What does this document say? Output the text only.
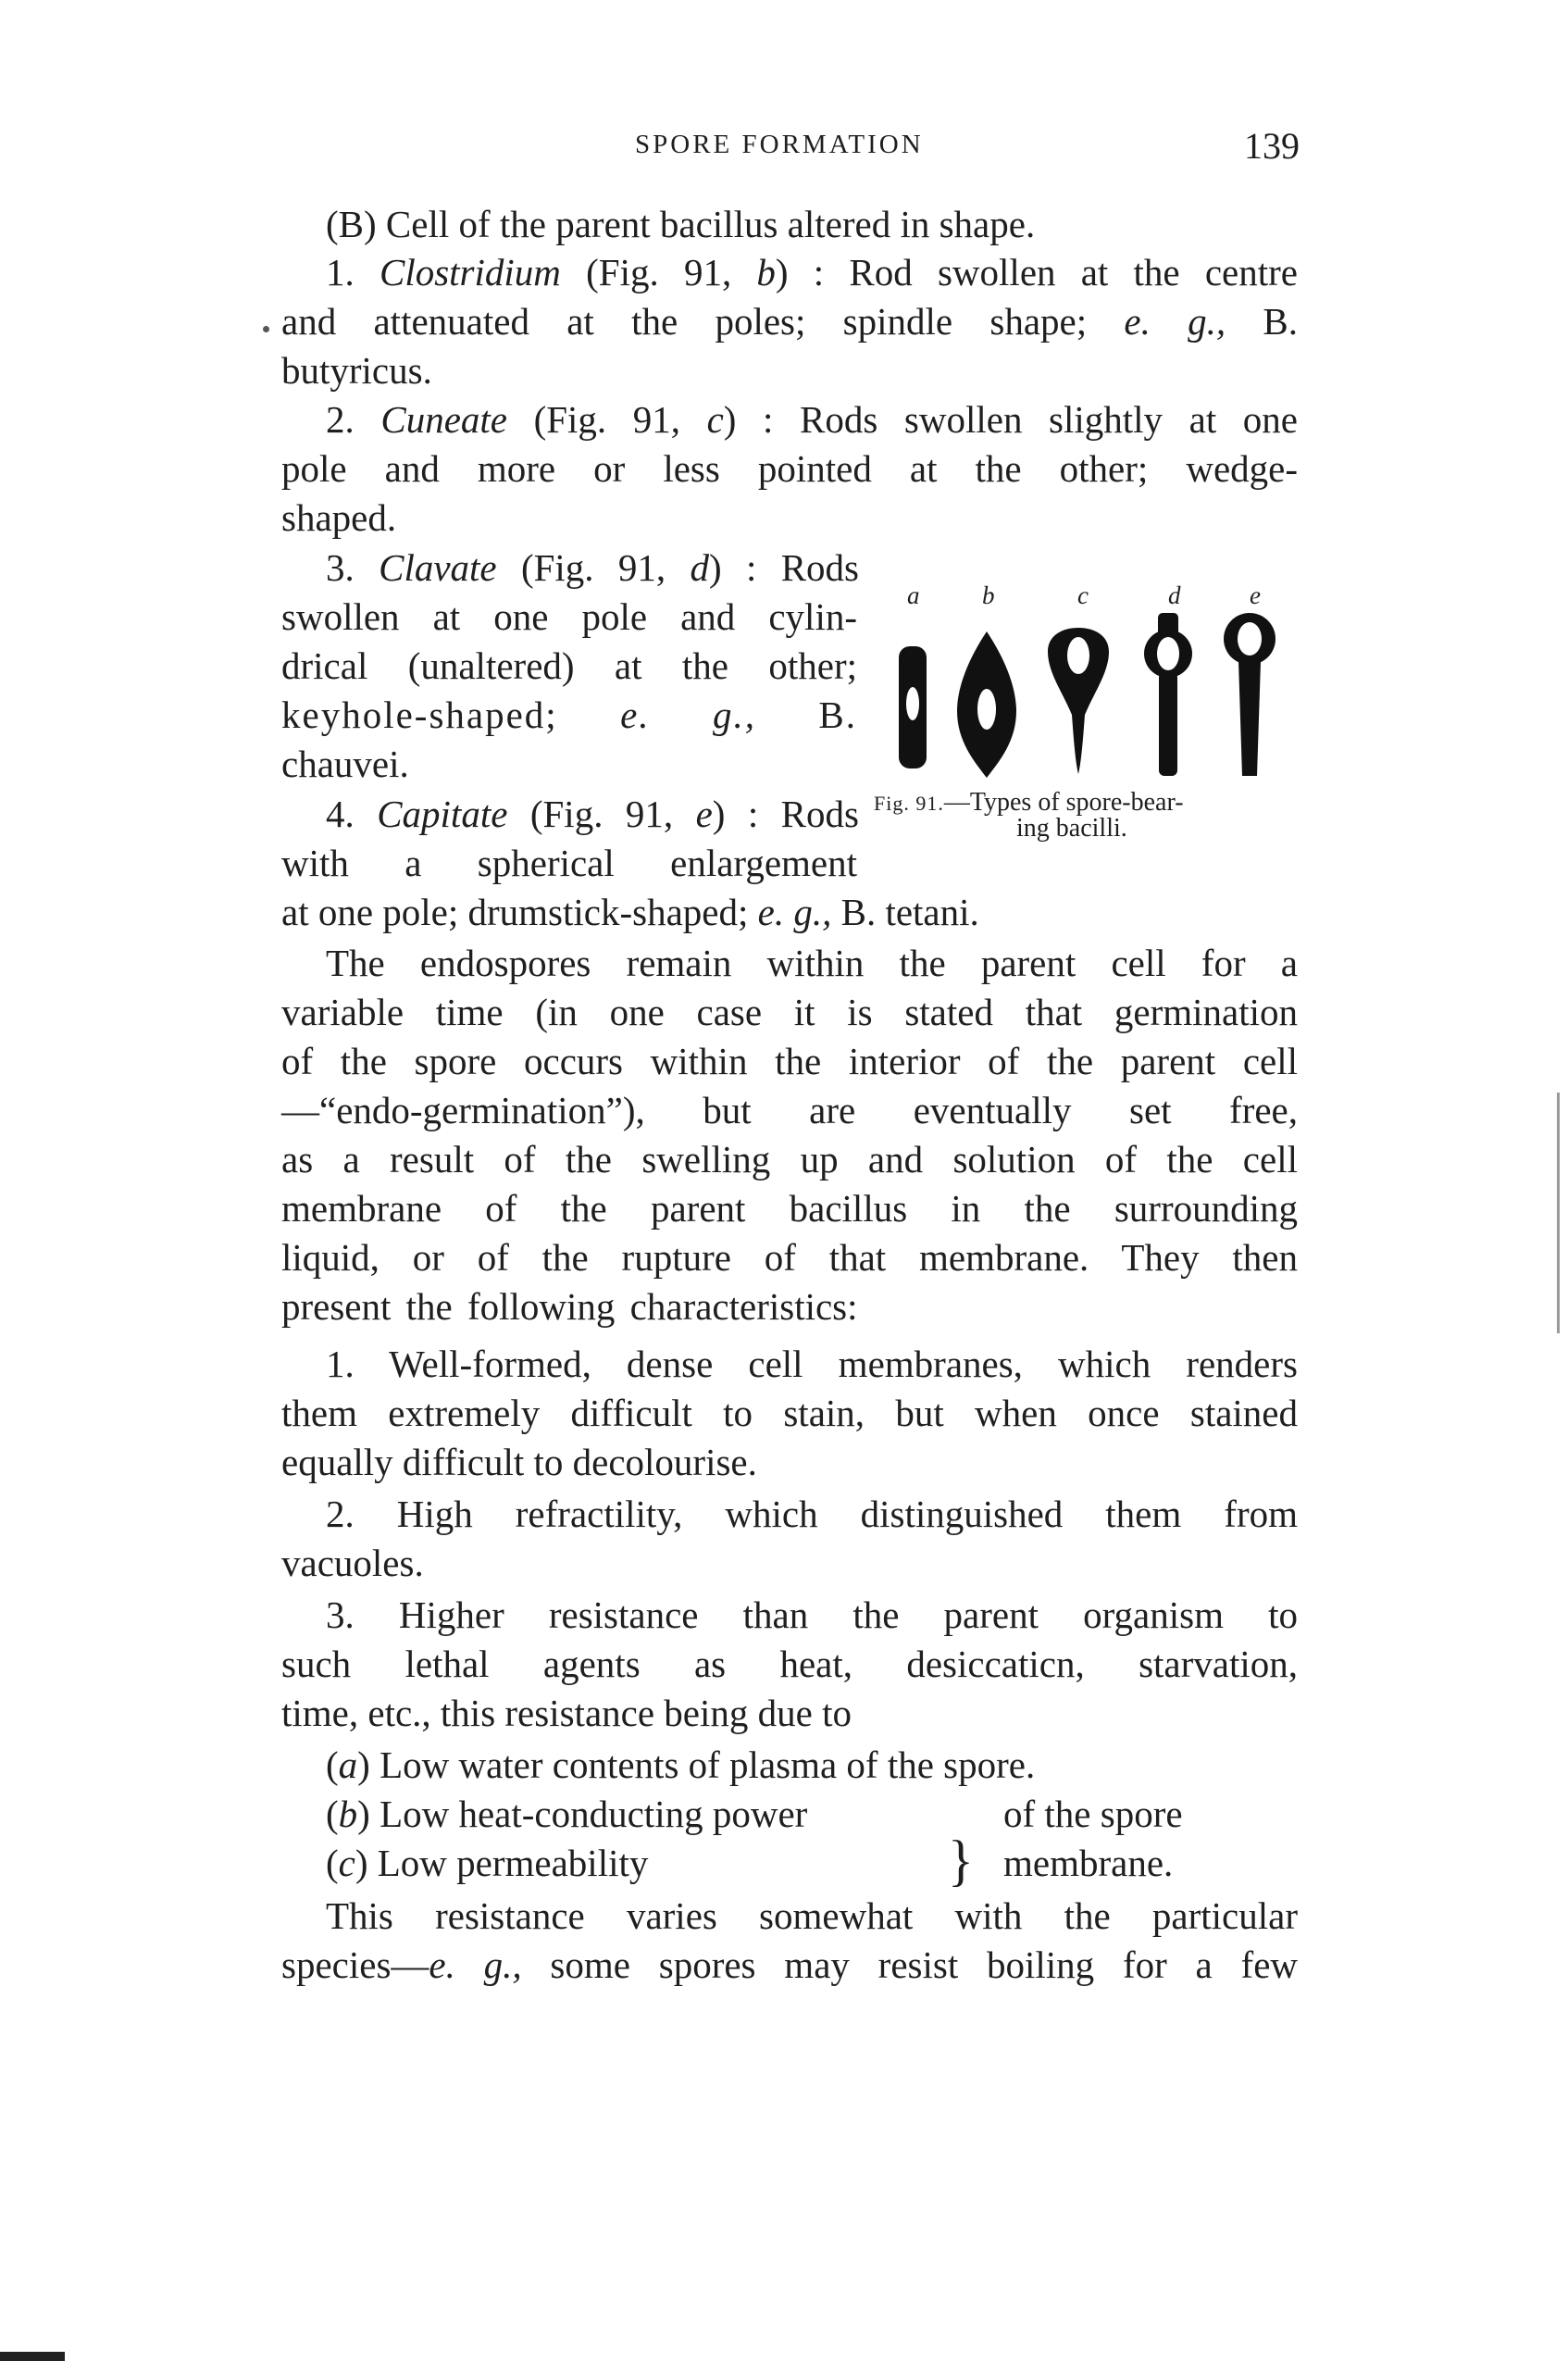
SPORE FORMATION	139
(B) Cell of the parent bacillus altered in shape.
1. Clostridium (Fig. 91, b) : Rod swollen at the centre
and attenuated at the poles; spindle shape; e. g., B.
butyricus.
2. Cuneate (Fig. 91, c) : Rods swollen slightly at one
pole and more or less pointed at the other; wedge-
shaped.
3. Clavate (Fig. 91, d) : Rods
swollen at one pole and cylin-
drical (unaltered) at the other;
keyhole-shaped; e. g., B.
chauvei.
4. Capitate (Fig. 91, e) : Rods
with a spherical enlargement
at one pole; drumstick-shaped; e. g., B. tetani.
a	b	c	d	e
Fig. 91.—Types of spore-bear-
ing bacilli.
The endospores remain within the parent cell for a
variable time (in one case it is stated that germination
of the spore occurs within the interior of the parent cell
—“endo-germination”), but are eventually set free,
as a result of the swelling up and solution of the cell
membrane of the parent bacillus in the surrounding
liquid, or of the rupture of that membrane. They then
present the following characteristics:
1. Well-formed, dense cell membranes, which renders
them extremely difficult to stain, but when once stained
equally difficult to decolourise.
2. High refractility, which distinguished them from
vacuoles.
3. Higher resistance than the parent organism to
such lethal agents as heat, desiccaticn, starvation,
time, etc., this resistance being due to
(a) Low water contents of plasma of the spore.
(b) Low heat-conducting power
(c) Low permeability	}
of the spore
membrane.
This resistance varies somewhat with the particular
species—e. g., some spores may resist boiling for a few
